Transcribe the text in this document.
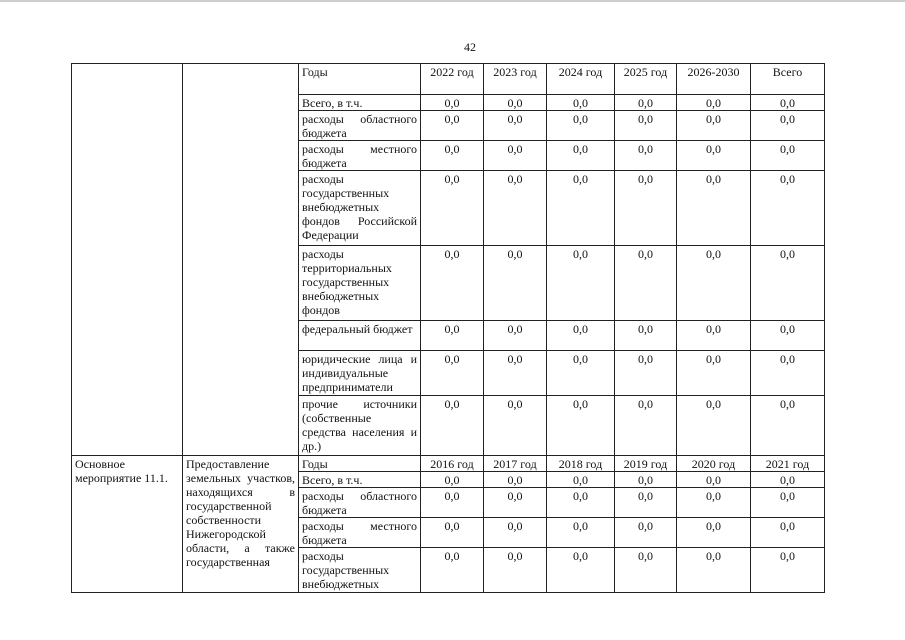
42
		Годы	2022 год	2023 год	2024 год	2025 год	2026-2030	Всего
		Всего, в т.ч.	0,0	0,0	0,0	0,0	0,0	0,0
		расходы областного бюджета	0,0	0,0	0,0	0,0	0,0	0,0
		расходы местного бюджета	0,0	0,0	0,0	0,0	0,0	0,0
		расходы государственных внебюджетных фондов Российской Федерации	0,0	0,0	0,0	0,0	0,0	0,0
		расходы территориальных государственных внебюджетных фондов	0,0	0,0	0,0	0,0	0,0	0,0
		федеральный бюджет	0,0	0,0	0,0	0,0	0,0	0,0
		юридические лица и индивидуальные предприниматели	0,0	0,0	0,0	0,0	0,0	0,0
		прочие источники (собственные средства населения и др.)	0,0	0,0	0,0	0,0	0,0	0,0
Основное мероприятие 11.1.	Предоставление земельных участков, находящихся в государственной собственности Нижегородской области, а также государственная	Годы	2016 год	2017 год	2018 год	2019 год	2020 год	2021 год
		Всего, в т.ч.	0,0	0,0	0,0	0,0	0,0	0,0
		расходы областного бюджета	0,0	0,0	0,0	0,0	0,0	0,0
		расходы местного бюджета	0,0	0,0	0,0	0,0	0,0	0,0
		расходы государственных внебюджетных	0,0	0,0	0,0	0,0	0,0	0,0
